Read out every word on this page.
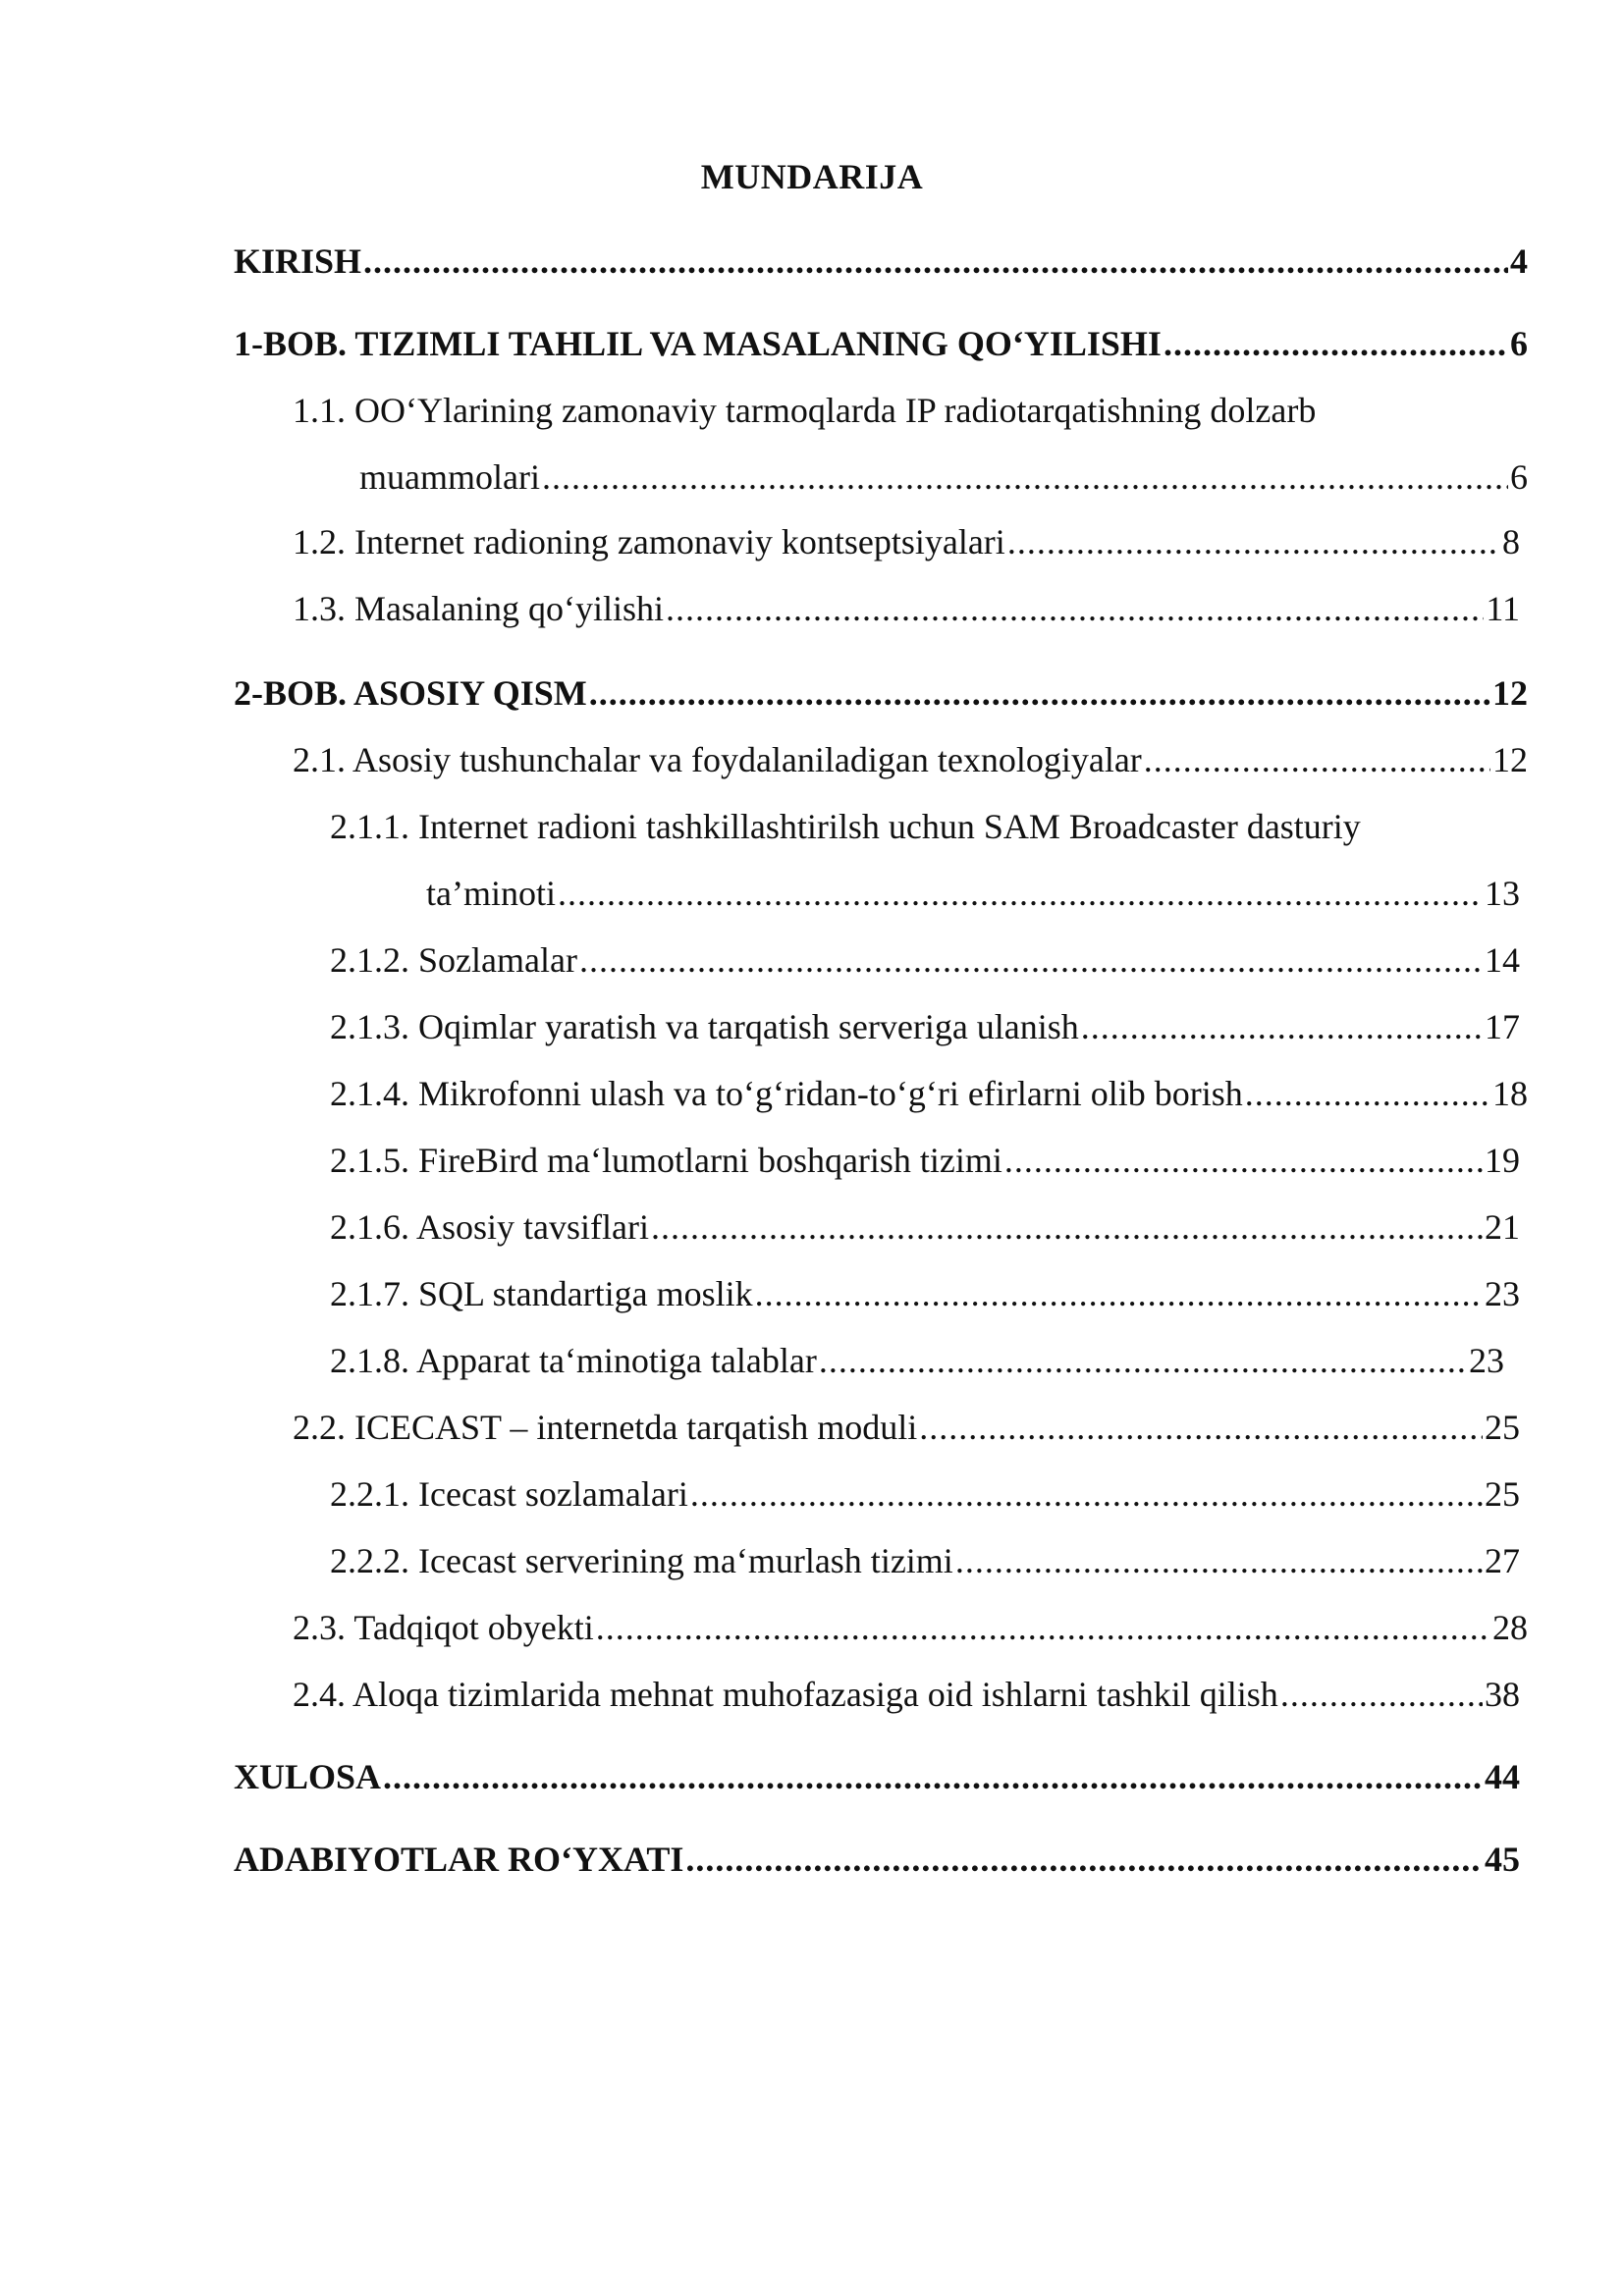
MUNDARIJA
KIRISH .....	4
1-BOB. TIZIMLI TAHLIL VA MASALANING QO‘YILISHI .....	6
1.1. OO‘Ylarining zamonaviy tarmoqlarda IP radiotarqatishning dolzarb
muammolari .....	6
1.2. Internet radioning zamonaviy kontseptsiyalari .....	8
1.3. Masalaning qo‘yilishi .....	11
2-BOB. ASOSIY QISM .....	12
2.1. Asosiy tushunchalar va foydalaniladigan texnologiyalar .....	12
2.1.1. Internet radioni tashkillashtirilsh uchun SAM Broadcaster dasturiy
ta’minoti .....	13
2.1.2. Sozlamalar .....	14
2.1.3. Oqimlar yaratish va tarqatish serveriga ulanish .....	17
2.1.4. Mikrofonni ulash va to‘g‘ridan-to‘g‘ri efirlarni olib borish .....	18
2.1.5. FireBird ma‘lumotlarni boshqarish tizimi .....	19
2.1.6. Asosiy tavsiflari .....	21
2.1.7. SQL standartiga moslik .....	23
2.1.8. Apparat ta‘minotiga talablar .....	23
2.2. ICECAST – internetda tarqatish moduli .....	25
2.2.1. Icecast sozlamalari .....	25
2.2.2. Icecast serverining ma‘murlash tizimi .....	27
2.3. Tadqiqot obyekti .....	28
2.4. Aloqa tizimlarida mehnat muhofazasiga oid ishlarni tashkil qilish .....	38
XULOSA .....	44
ADABIYOTLAR RO‘YXATI .....	45
